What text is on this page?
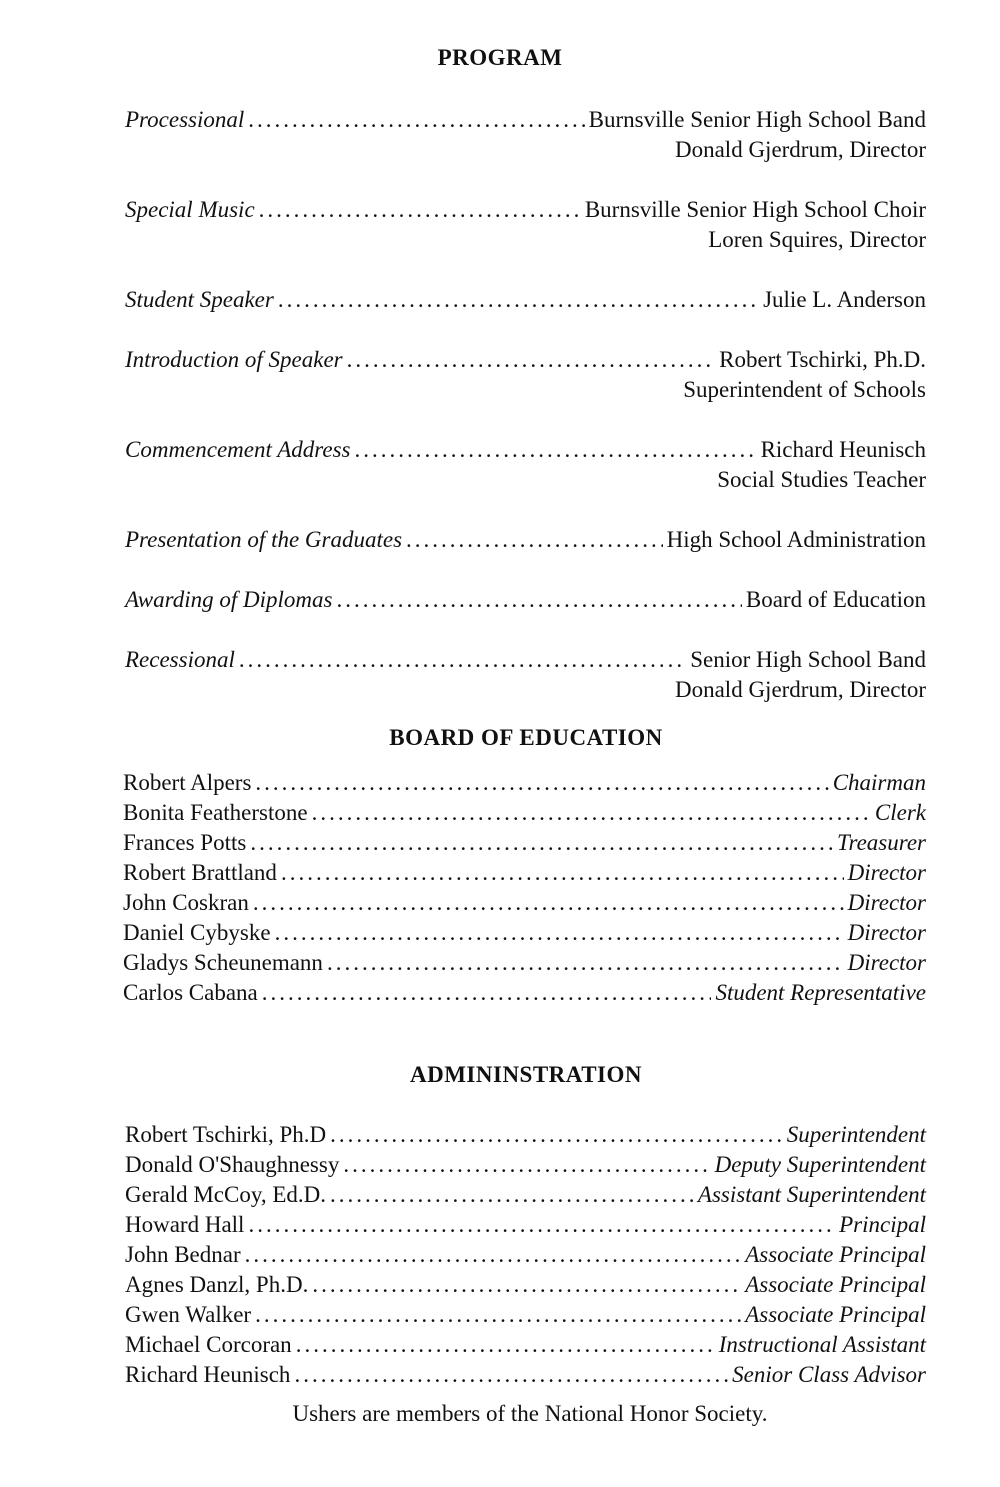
PROGRAM
Processional .....	Burnsville Senior High School Band
Donald Gjerdrum, Director
Special Music .....	Burnsville Senior High School Choir
Loren Squires, Director
Student Speaker .....	Julie L. Anderson
Introduction of Speaker .....	Robert Tschirki, Ph.D.
Superintendent of Schools
Commencement Address .....	Richard Heunisch
Social Studies Teacher
Presentation of the Graduates .....	High School Administration
Awarding of Diplomas .....	Board of Education
Recessional .....	Senior High School Band
Donald Gjerdrum, Director
BOARD OF EDUCATION
Robert Alpers .....	Chairman
Bonita Featherstone .....	Clerk
Frances Potts .....	Treasurer
Robert Brattland .....	Director
John Coskran .....	Director
Daniel Cybyske .....	Director
Gladys Scheunemann .....	Director
Carlos Cabana .....	Student Representative
ADMININSTRATION
Robert Tschirki, Ph.D .....	Superintendent
Donald O'Shaughnessy .....	Deputy Superintendent
Gerald McCoy, Ed.D. .....	Assistant Superintendent
Howard Hall .....	Principal
John Bednar .....	Associate Principal
Agnes Danzl, Ph.D. .....	Associate Principal
Gwen Walker .....	Associate Principal
Michael Corcoran .....	Instructional Assistant
Richard Heunisch .....	Senior Class Advisor
Ushers are members of the National Honor Society.
